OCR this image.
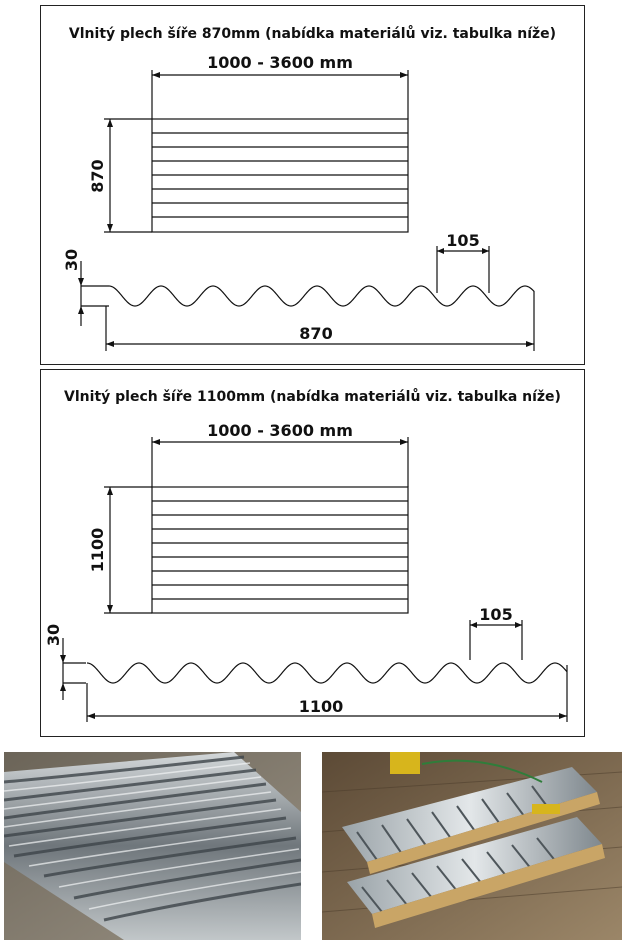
Vlnitý plech šíře 870mm (nabídka materiálů viz. tabulka níže)
1000 - 3600 mm
870
105
30
870
Vlnitý plech šíře 1100mm (nabídka materiálů viz. tabulka níže)
1000 - 3600 mm
1100
105
30
1100
